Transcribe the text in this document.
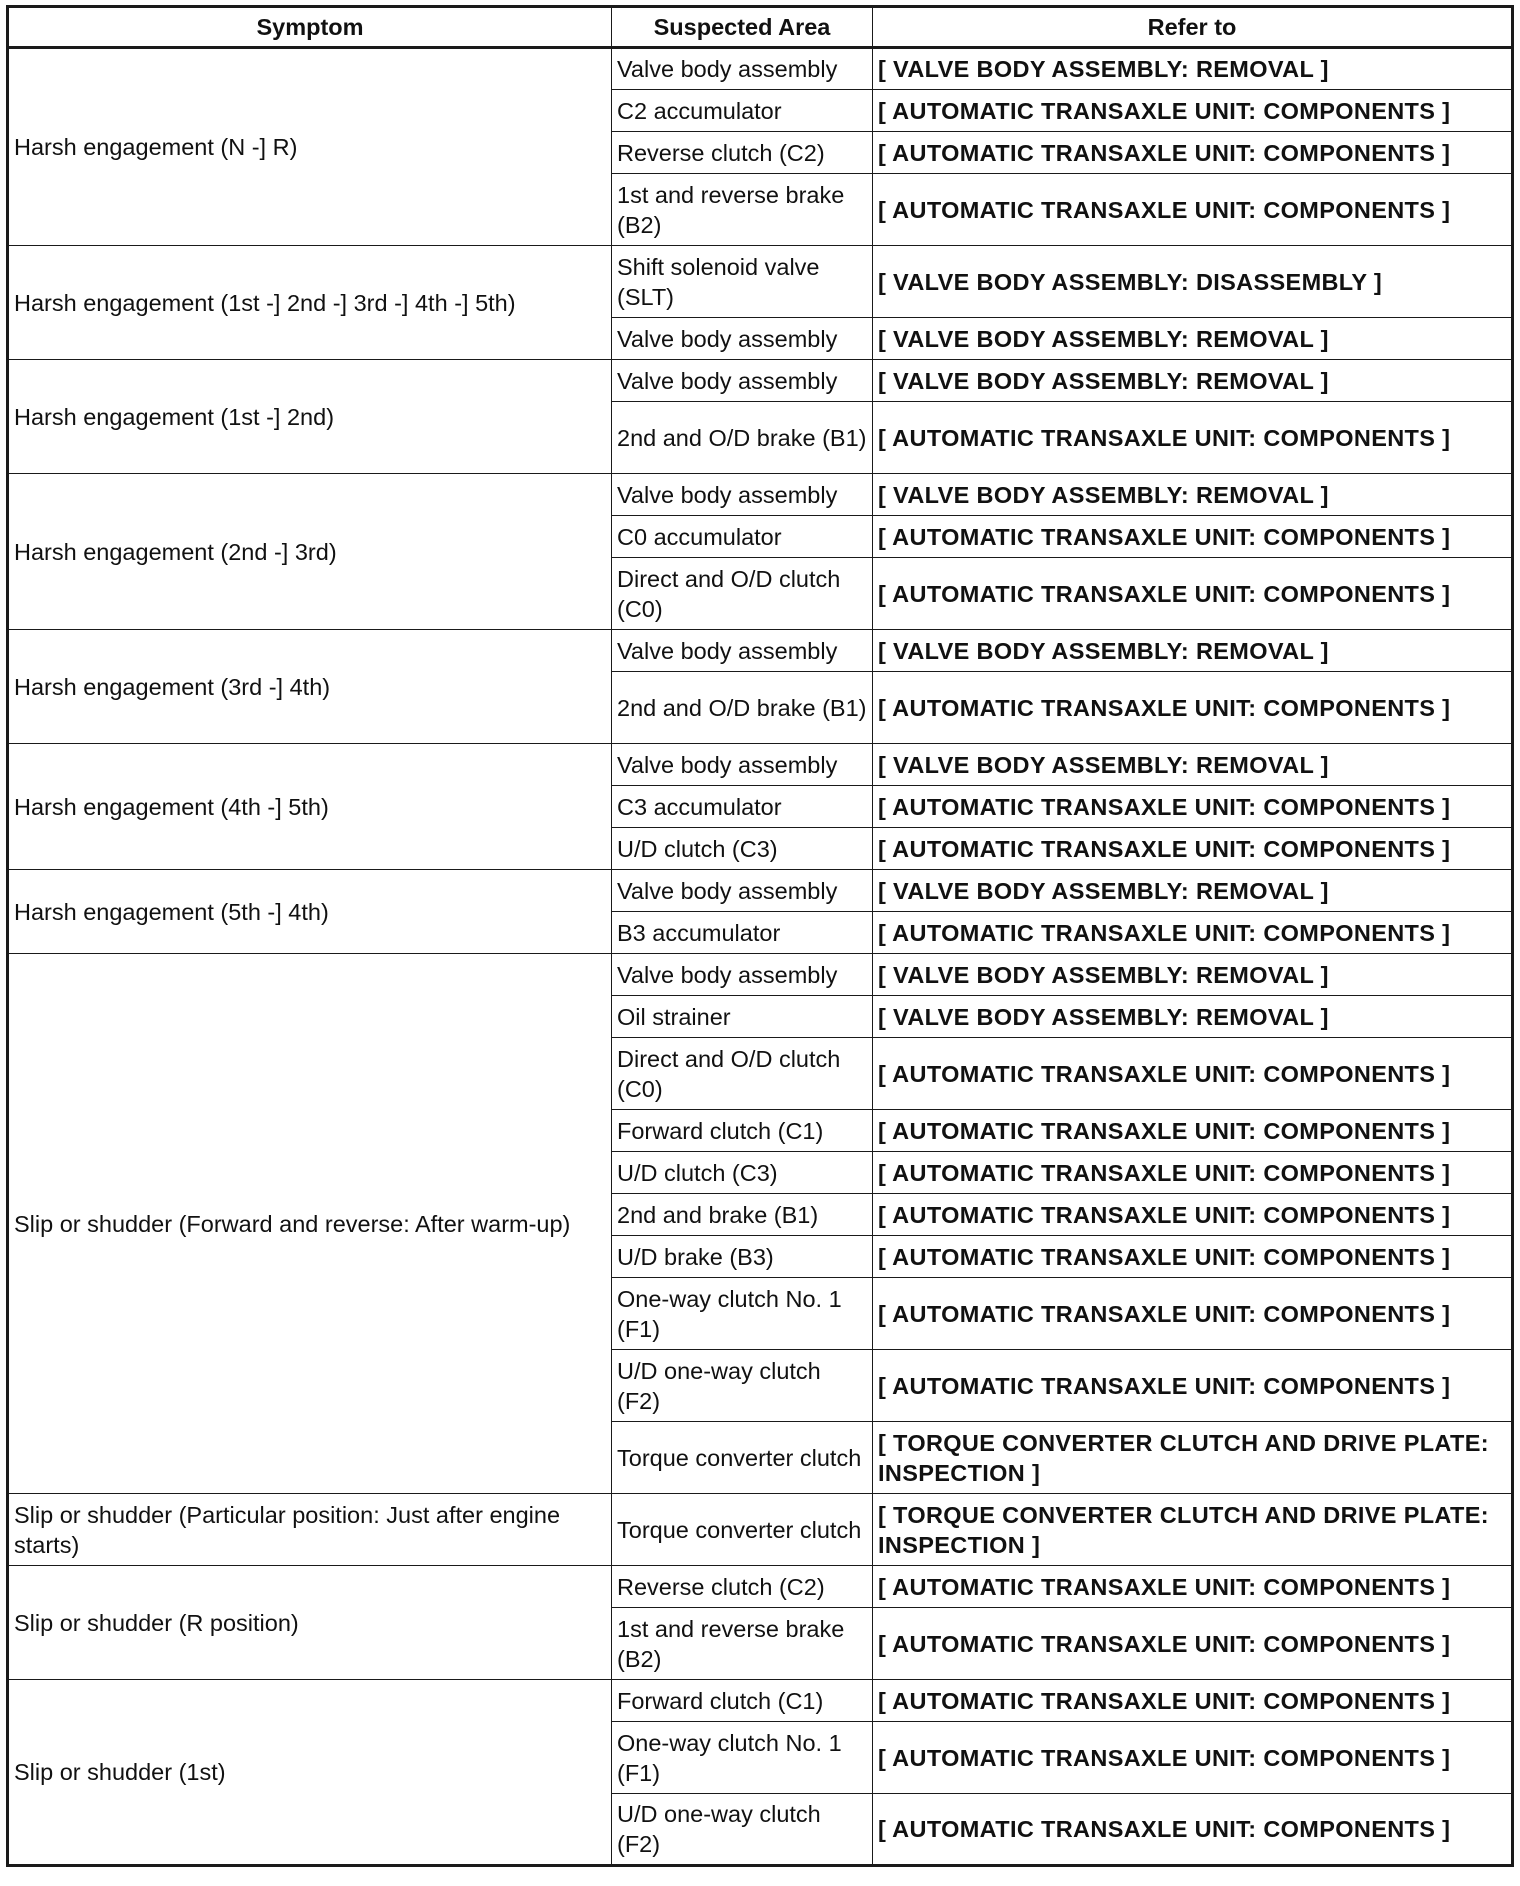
Symptom	Suspected Area	Refer to
Harsh engagement (N -] R)	Valve body assembly	[ VALVE BODY ASSEMBLY: REMOVAL ]
	C2 accumulator	[ AUTOMATIC TRANSAXLE UNIT: COMPONENTS ]
	Reverse clutch (C2)	[ AUTOMATIC TRANSAXLE UNIT: COMPONENTS ]
	1st and reverse brake (B2)	[ AUTOMATIC TRANSAXLE UNIT: COMPONENTS ]
Harsh engagement (1st -] 2nd -] 3rd -] 4th -] 5th)	Shift solenoid valve (SLT)	[ VALVE BODY ASSEMBLY: DISASSEMBLY ]
	Valve body assembly	[ VALVE BODY ASSEMBLY: REMOVAL ]
Harsh engagement (1st -] 2nd)	Valve body assembly	[ VALVE BODY ASSEMBLY: REMOVAL ]
	2nd and O/D brake (B1)	[ AUTOMATIC TRANSAXLE UNIT: COMPONENTS ]
Harsh engagement (2nd -] 3rd)	Valve body assembly	[ VALVE BODY ASSEMBLY: REMOVAL ]
	C0 accumulator	[ AUTOMATIC TRANSAXLE UNIT: COMPONENTS ]
	Direct and O/D clutch (C0)	[ AUTOMATIC TRANSAXLE UNIT: COMPONENTS ]
Harsh engagement (3rd -] 4th)	Valve body assembly	[ VALVE BODY ASSEMBLY: REMOVAL ]
	2nd and O/D brake (B1)	[ AUTOMATIC TRANSAXLE UNIT: COMPONENTS ]
Harsh engagement (4th -] 5th)	Valve body assembly	[ VALVE BODY ASSEMBLY: REMOVAL ]
	C3 accumulator	[ AUTOMATIC TRANSAXLE UNIT: COMPONENTS ]
	U/D clutch (C3)	[ AUTOMATIC TRANSAXLE UNIT: COMPONENTS ]
Harsh engagement (5th -] 4th)	Valve body assembly	[ VALVE BODY ASSEMBLY: REMOVAL ]
	B3 accumulator	[ AUTOMATIC TRANSAXLE UNIT: COMPONENTS ]
Slip or shudder (Forward and reverse: After warm-up)	Valve body assembly	[ VALVE BODY ASSEMBLY: REMOVAL ]
	Oil strainer	[ VALVE BODY ASSEMBLY: REMOVAL ]
	Direct and O/D clutch (C0)	[ AUTOMATIC TRANSAXLE UNIT: COMPONENTS ]
	Forward clutch (C1)	[ AUTOMATIC TRANSAXLE UNIT: COMPONENTS ]
	U/D clutch (C3)	[ AUTOMATIC TRANSAXLE UNIT: COMPONENTS ]
	2nd and brake (B1)	[ AUTOMATIC TRANSAXLE UNIT: COMPONENTS ]
	U/D brake (B3)	[ AUTOMATIC TRANSAXLE UNIT: COMPONENTS ]
	One-way clutch No. 1 (F1)	[ AUTOMATIC TRANSAXLE UNIT: COMPONENTS ]
	U/D one-way clutch (F2)	[ AUTOMATIC TRANSAXLE UNIT: COMPONENTS ]
	Torque converter clutch	[ TORQUE CONVERTER CLUTCH AND DRIVE PLATE: INSPECTION ]
Slip or shudder (Particular position: Just after engine starts)	Torque converter clutch	[ TORQUE CONVERTER CLUTCH AND DRIVE PLATE: INSPECTION ]
Slip or shudder (R position)	Reverse clutch (C2)	[ AUTOMATIC TRANSAXLE UNIT: COMPONENTS ]
	1st and reverse brake (B2)	[ AUTOMATIC TRANSAXLE UNIT: COMPONENTS ]
Slip or shudder (1st)	Forward clutch (C1)	[ AUTOMATIC TRANSAXLE UNIT: COMPONENTS ]
	One-way clutch No. 1 (F1)	[ AUTOMATIC TRANSAXLE UNIT: COMPONENTS ]
	U/D one-way clutch (F2)	[ AUTOMATIC TRANSAXLE UNIT: COMPONENTS ]
